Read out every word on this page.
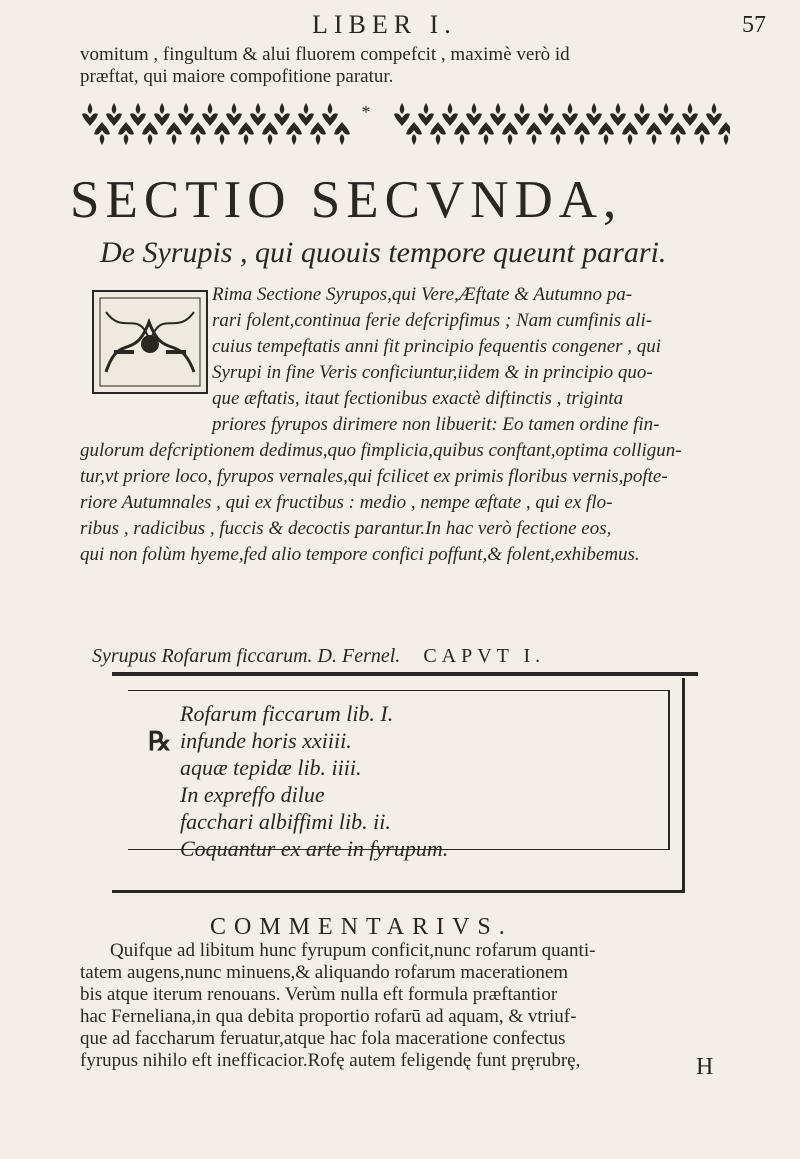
LIBER I.	57
vomitum , fingultum & alui fluorem compefcit , maximè verò id
præftat, qui maiore compofitione paratur.
*
SECTIO SECVNDA,
De Syrupis , qui quouis tempore queunt parari.
Rima Sectione Syrupos,qui Vere,Æftate & Autumno pa-
rari folent,continua ferie defcripfimus ; Nam cumfinis ali-
cuius tempeftatis anni fit principio fequentis congener , qui
Syrupi in fine Veris conficiuntur,iidem & in principio quo-
que æftatis, itaut fectionibus exactè diftinctis , triginta
priores fyrupos dirimere non libuerit: Eo tamen ordine fin-
gulorum defcriptionem dedimus,quo fimplicia,quibus conftant,optima colligun-
tur,vt priore loco, fyrupos vernales,qui fcilicet ex primis floribus vernis,pofte-
riore Autumnales , qui ex fructibus : medio , nempe æftate , qui ex flo-
ribus , radicibus , fuccis & decoctis parantur.In hac verò fectione eos,
qui non folùm hyeme,fed alio tempore confici poffunt,& folent,exhibemus.
Syrupus Rofarum ficcarum. D. Fernel. CAPVT I.
℞
Rofarum ficcarum lib. I.
infunde horis xxiiii.
aquæ tepidæ lib. iiii.
In expreffo dilue
facchari albiffimi lib. ii.
Coquantur ex arte in fyrupum.
COMMENTARIVS.
Quifque ad libitum hunc fyrupum conficit,nunc rofarum quanti-
tatem augens,nunc minuens,& aliquando rofarum macerationem
bis atque iterum renouans. Verùm nulla eft formula præftantior
hac Ferneliana,in qua debita proportio rofarū ad aquam, & vtriuf-
que ad faccharum feruatur,atque hac fola maceratione confectus
fyrupus nihilo eft inefficacior.Rofę autem feligendę funt prȩrubrȩ,	H
